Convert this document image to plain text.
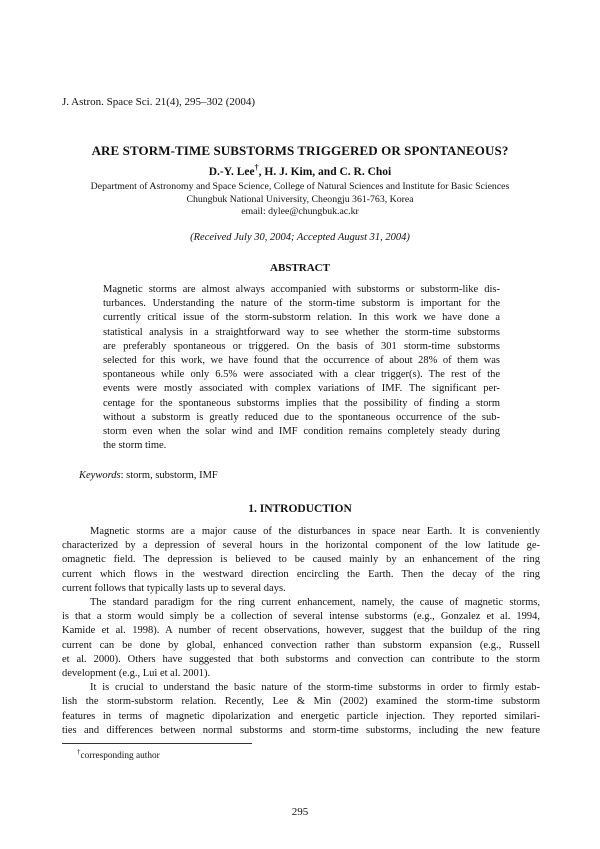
J. Astron. Space Sci. 21(4), 295–302 (2004)
ARE STORM-TIME SUBSTORMS TRIGGERED OR SPONTANEOUS?
D.-Y. Lee†, H. J. Kim, and C. R. Choi
Department of Astronomy and Space Science, College of Natural Sciences and Institute for Basic Sciences
Chungbuk National University, Cheongju 361-763, Korea
email: dylee@chungbuk.ac.kr
(Received July 30, 2004; Accepted August 31, 2004)
ABSTRACT
Magnetic storms are almost always accompanied with substorms or substorm-like dis-
turbances. Understanding the nature of the storm-time substorm is important for the
currently critical issue of the storm-substorm relation. In this work we have done a
statistical analysis in a straightforward way to see whether the storm-time substorms
are preferably spontaneous or triggered. On the basis of 301 storm-time substorms
selected for this work, we have found that the occurrence of about 28% of them was
spontaneous while only 6.5% were associated with a clear trigger(s). The rest of the
events were mostly associated with complex variations of IMF. The significant per-
centage for the spontaneous substorms implies that the possibility of finding a storm
without a substorm is greatly reduced due to the spontaneous occurrence of the sub-
storm even when the solar wind and IMF condition remains completely steady during
the storm time.
Keywords: storm, substorm, IMF
1. INTRODUCTION
Magnetic storms are a major cause of the disturbances in space near Earth. It is conveniently
characterized by a depression of several hours in the horizontal component of the low latitude ge-
omagnetic field. The depression is believed to be caused mainly by an enhancement of the ring
current which flows in the westward direction encircling the Earth. Then the decay of the ring
current follows that typically lasts up to several days.
The standard paradigm for the ring current enhancement, namely, the cause of magnetic storms,
is that a storm would simply be a collection of several intense substorms (e.g., Gonzalez et al. 1994,
Kamide et al. 1998). A number of recent observations, however, suggest that the buildup of the ring
current can be done by global, enhanced convection rather than substorm expansion (e.g., Russell
et al. 2000). Others have suggested that both substorms and convection can contribute to the storm
development (e.g., Lui et al. 2001).
It is crucial to understand the basic nature of the storm-time substorms in order to firmly estab-
lish the storm-substorm relation. Recently, Lee & Min (2002) examined the storm-time substorm
features in terms of magnetic dipolarization and energetic particle injection. They reported similari-
ties and differences between normal substorms and storm-time substorms, including the new feature
†corresponding author
295
